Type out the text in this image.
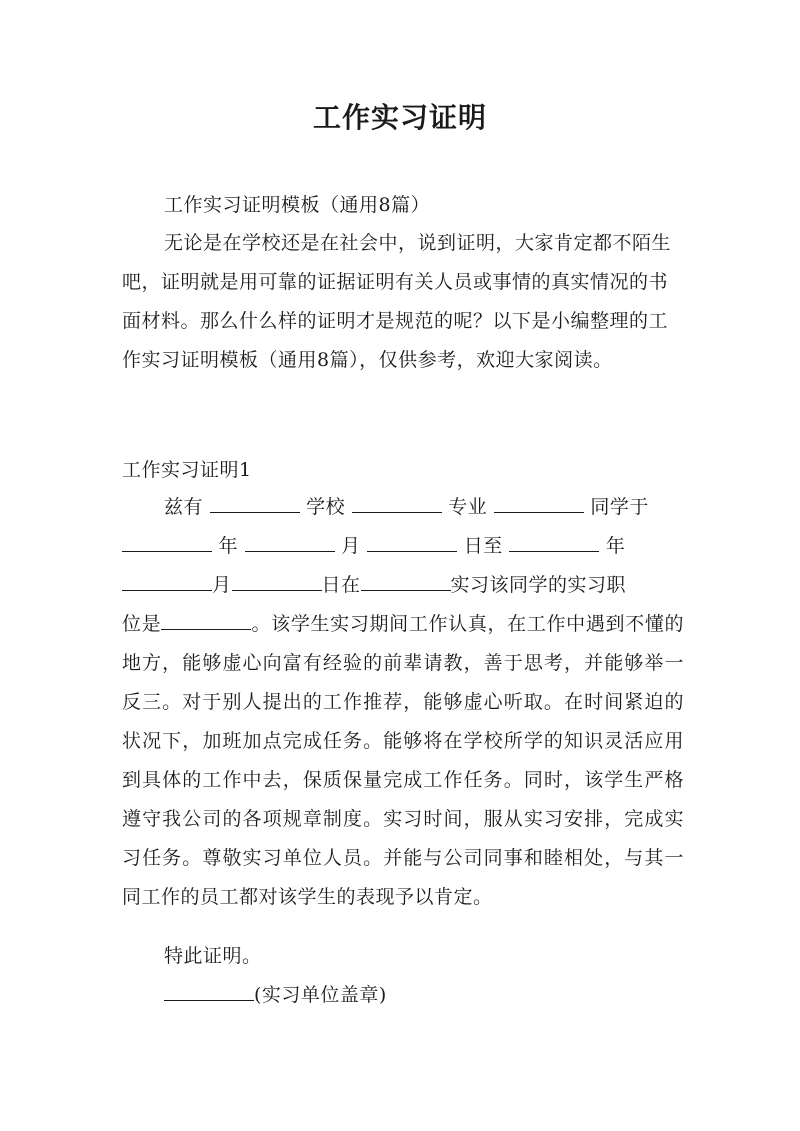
工作实习证明
工作实习证明模板（通用8篇）
无论是在学校还是在社会中，说到证明，大家肯定都不陌生吧，证明就是用可靠的证据证明有关人员或事情的真实情况的书面材料。那么什么样的证明才是规范的呢？以下是小编整理的工作实习证明模板（通用8篇），仅供参考，欢迎大家阅读。
工作实习证明1
兹有	学校	专业	同学于
年	月	日至	年
月	日在	实习该同学的实习职
位是	。该学生实习期间工作认真，在工作中遇到不懂的地方，能够虚心向富有经验的前辈请教，善于思考，并能够举一反三。对于别人提出的工作推荐，能够虚心听取。在时间紧迫的状况下，加班加点完成任务。能够将在学校所学的知识灵活应用到具体的工作中去，保质保量完成工作任务。同时，该学生严格遵守我公司的各项规章制度。实习时间，服从实习安排，完成实习任务。尊敬实习单位人员。并能与公司同事和睦相处，与其一同工作的员工都对该学生的表现予以肯定。
特此证明。
(实习单位盖章)
